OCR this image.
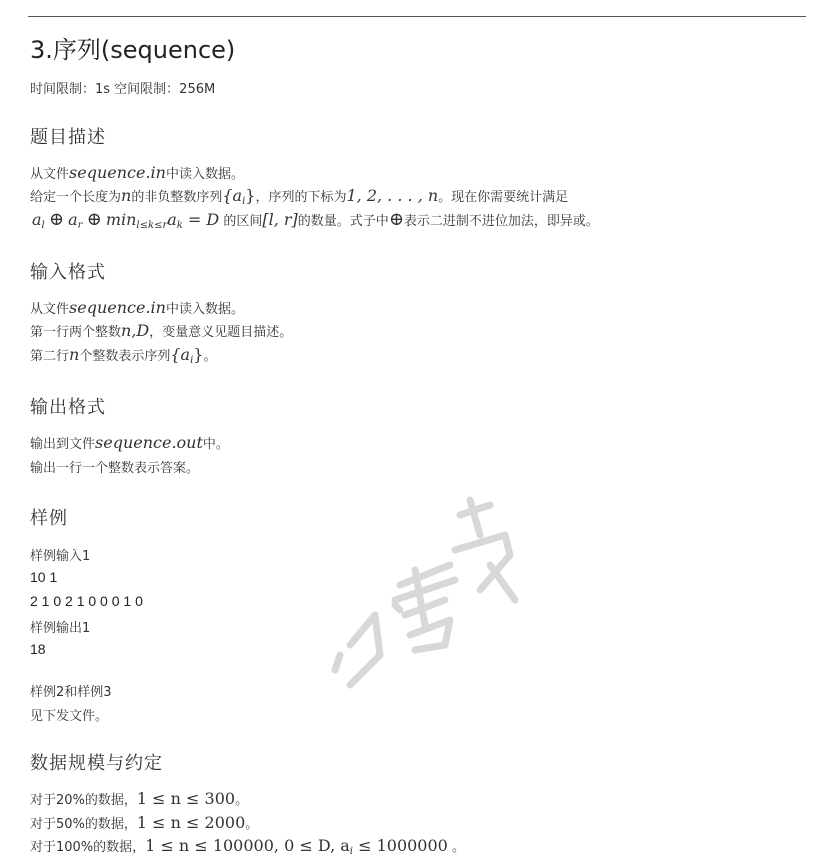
3.序列(sequence)
时间限制：1s 空间限制：256M
题目描述
从文件sequence.in中读入数据。
给定一个长度为n的非负整数序列$\{a_i\}$，序列的下标为1, 2, . . . , n。现在你需要统计满足
$a_l$ ⊕ $a_r$ ⊕ $\min_{l\le k\le r}a_k = D$ 的区间[l, r]的数量。式子中⊕表示二进制不进位加法，即异或。
输入格式
从文件sequence.in中读入数据。
第一行两个整数n,D，变量意义见题目描述。
第二行n个整数表示序列$\{a_i\}$。
输出格式
输出到文件sequence.out中。
输出一行一个整数表示答案。
样例
样例输入1
10 1
2 1 0 2 1 0 0 0 1 0
样例输出1
18
样例2和样例3
见下发文件。
数据规模与约定
对于20%的数据，1 ≤ n ≤ 300。
对于50%的数据，1 ≤ n ≤ 2000。
对于100%的数据，1 ≤ n ≤ 100000, 0 ≤ D, $a_i \le 1000000$ 。
